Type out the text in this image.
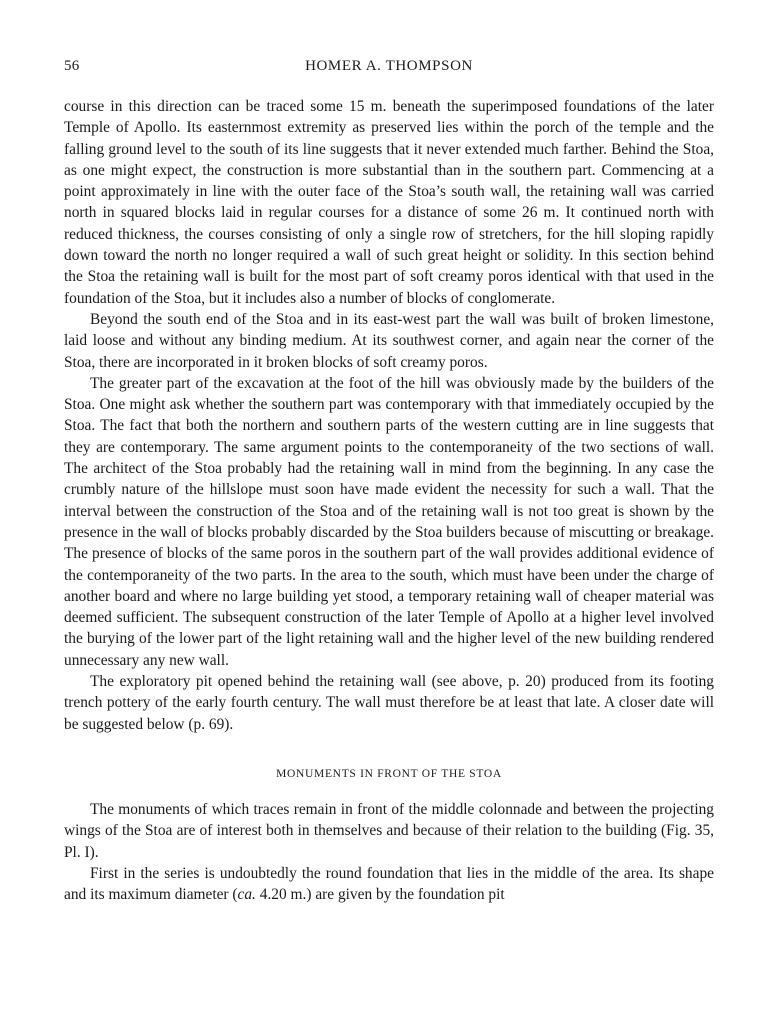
56	HOMER A. THOMPSON

course in this direction can be traced some 15 m. beneath the superimposed foundations of the later Temple of Apollo. Its easternmost extremity as preserved lies within the porch of the temple and the falling ground level to the south of its line suggests that it never extended much farther. Behind the Stoa, as one might expect, the construction is more substantial than in the southern part. Commencing at a point approximately in line with the outer face of the Stoa’s south wall, the retaining wall was carried north in squared blocks laid in regular courses for a distance of some 26 m. It continued north with reduced thickness, the courses consisting of only a single row of stretchers, for the hill sloping rapidly down toward the north no longer required a wall of such great height or solidity. In this section behind the Stoa the retaining wall is built for the most part of soft creamy poros identical with that used in the foundation of the Stoa, but it includes also a number of blocks of conglomerate.

Beyond the south end of the Stoa and in its east-west part the wall was built of broken limestone, laid loose and without any binding medium. At its southwest corner, and again near the corner of the Stoa, there are incorporated in it broken blocks of soft creamy poros.

The greater part of the excavation at the foot of the hill was obviously made by the builders of the Stoa. One might ask whether the southern part was contemporary with that immediately occupied by the Stoa. The fact that both the northern and southern parts of the western cutting are in line suggests that they are contemporary. The same argument points to the contemporaneity of the two sections of wall. The architect of the Stoa probably had the retaining wall in mind from the beginning. In any case the crumbly nature of the hillslope must soon have made evident the necessity for such a wall. That the interval between the construction of the Stoa and of the retaining wall is not too great is shown by the presence in the wall of blocks probably discarded by the Stoa builders because of miscutting or breakage. The presence of blocks of the same poros in the southern part of the wall provides additional evidence of the contemporaneity of the two parts. In the area to the south, which must have been under the charge of another board and where no large building yet stood, a temporary retaining wall of cheaper material was deemed sufficient. The subsequent construction of the later Temple of Apollo at a higher level involved the burying of the lower part of the light retaining wall and the higher level of the new building rendered unnecessary any new wall.

The exploratory pit opened behind the retaining wall (see above, p. 20) produced from its footing trench pottery of the early fourth century. The wall must therefore be at least that late. A closer date will be suggested below (p. 69).

MONUMENTS IN FRONT OF THE STOA

The monuments of which traces remain in front of the middle colonnade and between the projecting wings of the Stoa are of interest both in themselves and because of their relation to the building (Fig. 35, Pl. I).

First in the series is undoubtedly the round foundation that lies in the middle of the area. Its shape and its maximum diameter (ca. 4.20 m.) are given by the foundation pit
